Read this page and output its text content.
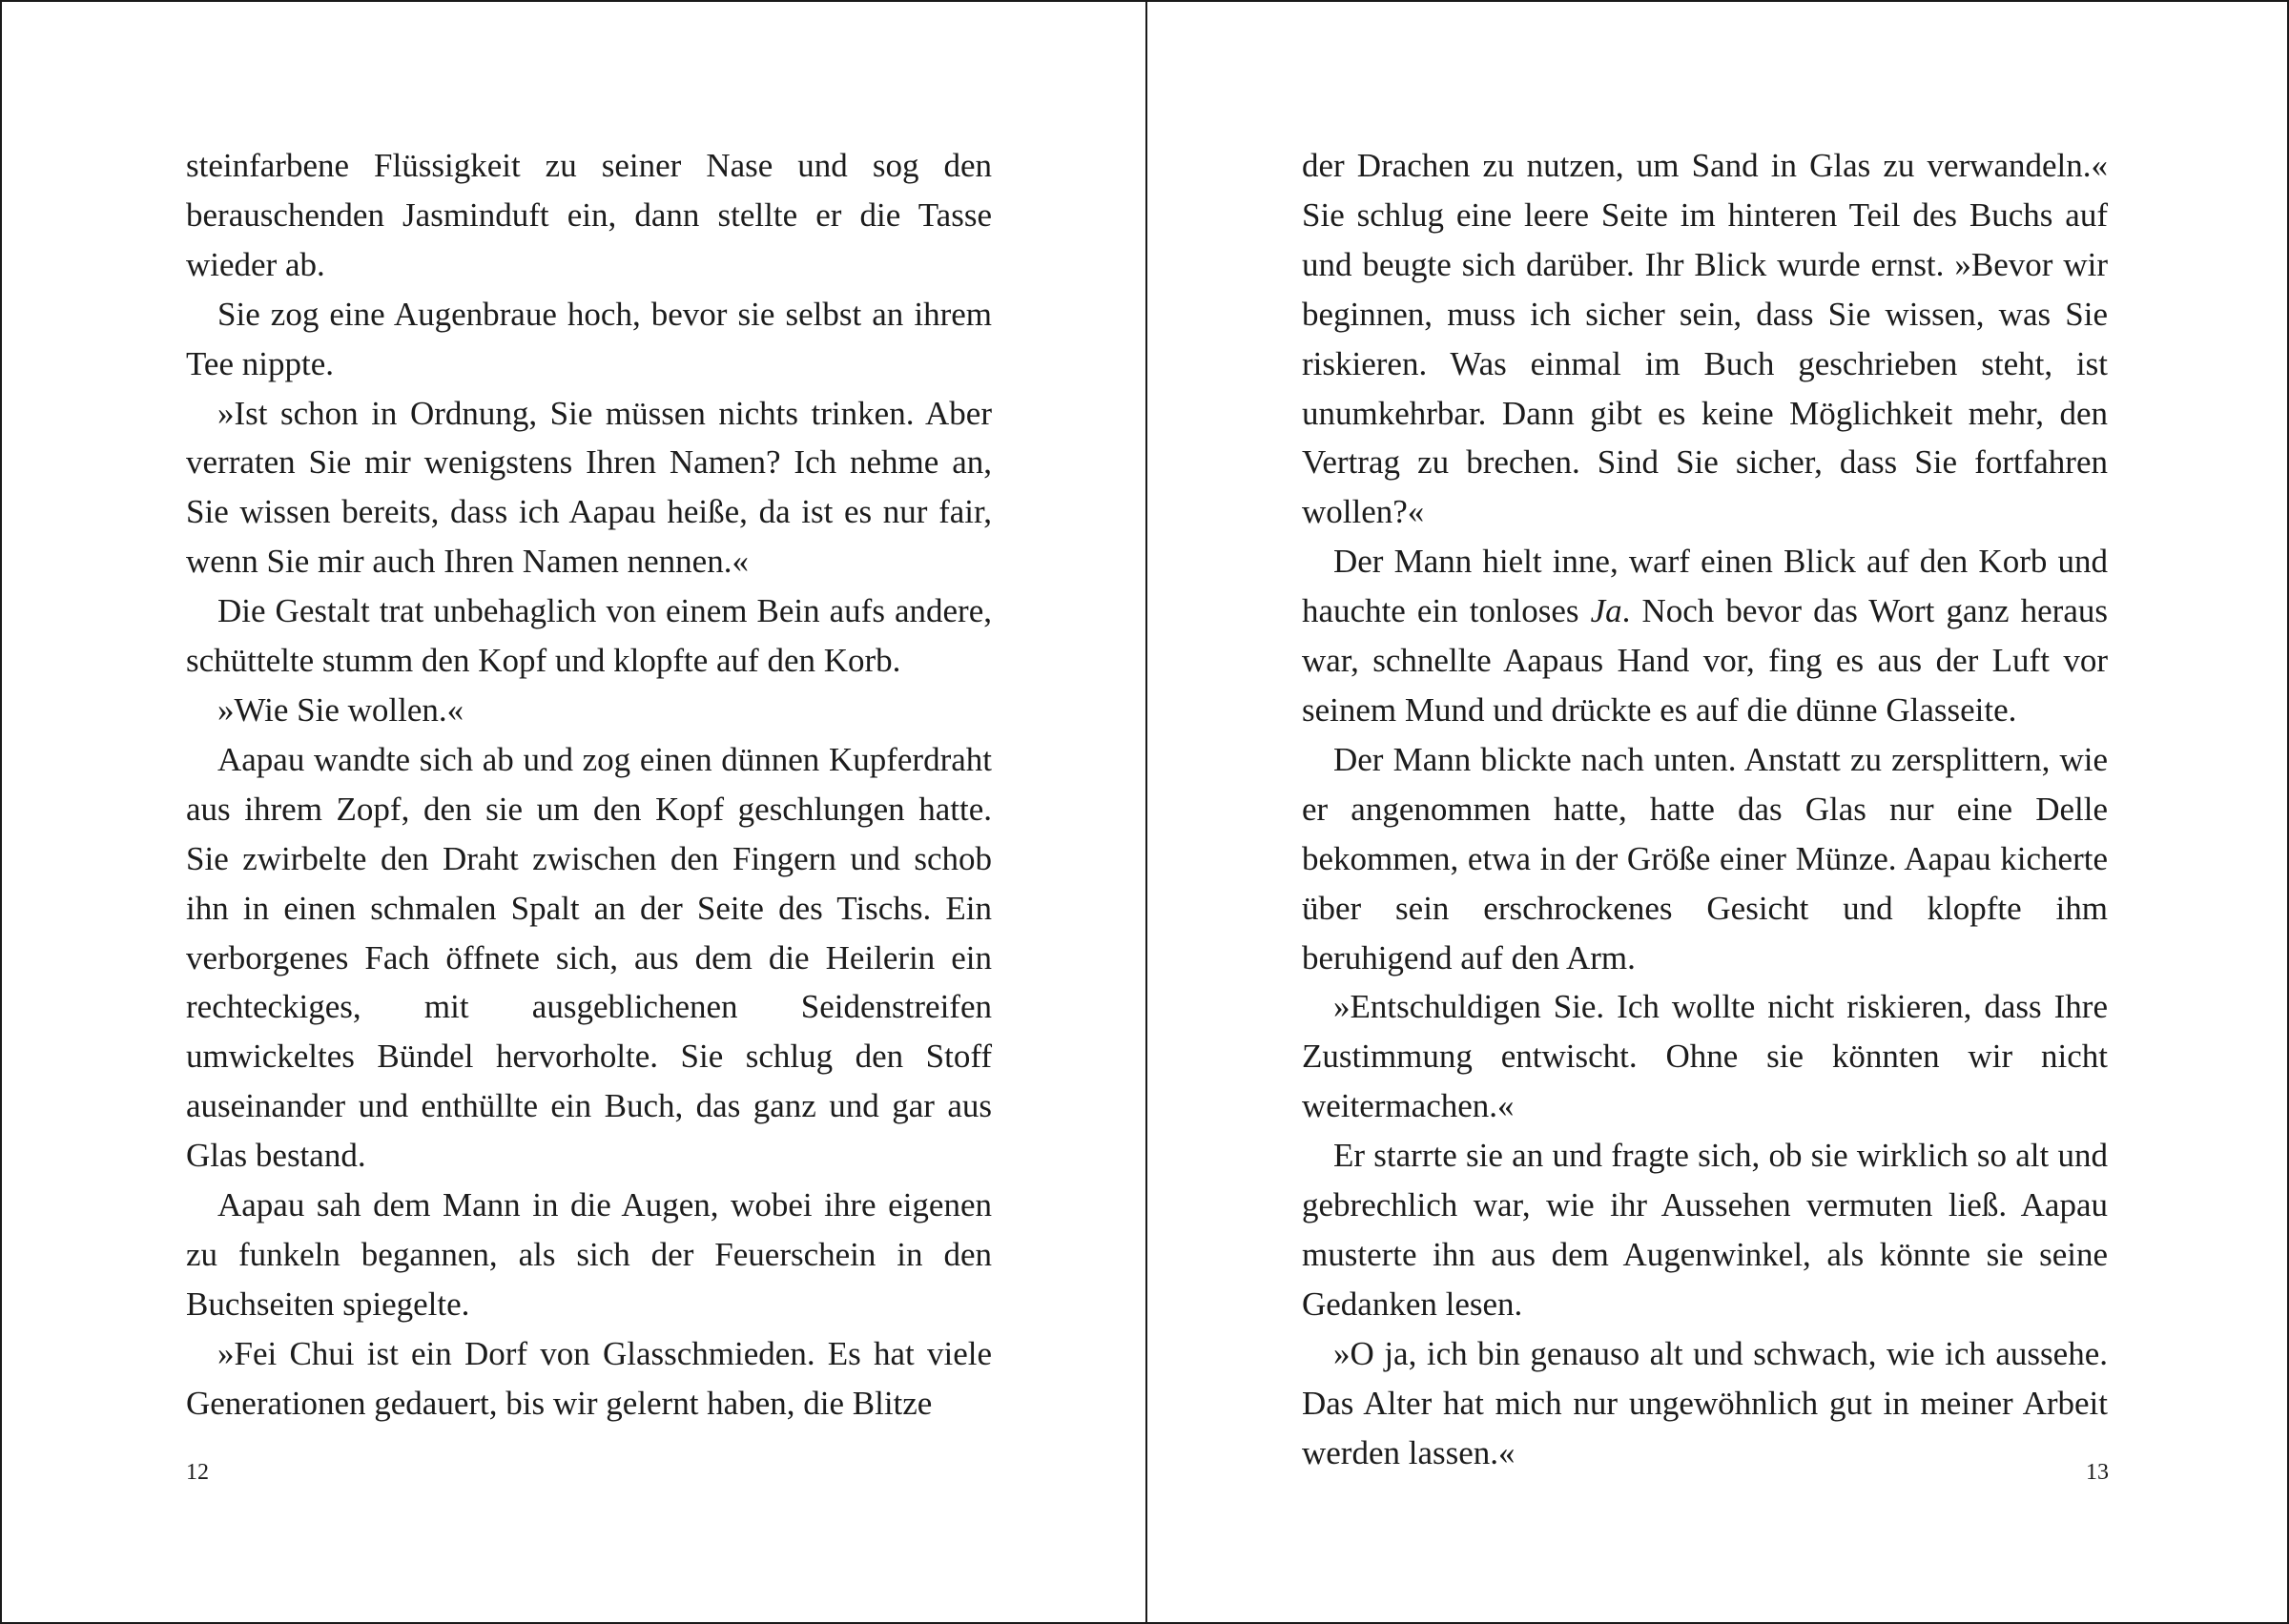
steinfarbene Flüssigkeit zu seiner Nase und sog den berauschenden Jasminduft ein, dann stellte er die Tasse wieder ab.

Sie zog eine Augenbraue hoch, bevor sie selbst an ihrem Tee nippte.

»Ist schon in Ordnung, Sie müssen nichts trinken. Aber verraten Sie mir wenigstens Ihren Namen? Ich nehme an, Sie wissen bereits, dass ich Aapau heiße, da ist es nur fair, wenn Sie mir auch Ihren Namen nennen.«

Die Gestalt trat unbehaglich von einem Bein aufs andere, schüttelte stumm den Kopf und klopfte auf den Korb.

»Wie Sie wollen.«

Aapau wandte sich ab und zog einen dünnen Kupferdraht aus ihrem Zopf, den sie um den Kopf geschlungen hatte. Sie zwirbelte den Draht zwischen den Fingern und schob ihn in einen schmalen Spalt an der Seite des Tischs. Ein verborgenes Fach öffnete sich, aus dem die Heilerin ein rechteckiges, mit ausgeblichenen Seidenstreifen umwickeltes Bündel hervorholte. Sie schlug den Stoff auseinander und enthüllte ein Buch, das ganz und gar aus Glas bestand.

Aapau sah dem Mann in die Augen, wobei ihre eigenen zu funkeln begannen, als sich der Feuerschein in den Buchseiten spiegelte.

»Fei Chui ist ein Dorf von Glasschmieden. Es hat viele Generationen gedauert, bis wir gelernt haben, die Blitze

der Drachen zu nutzen, um Sand in Glas zu verwandeln.« Sie schlug eine leere Seite im hinteren Teil des Buchs auf und beugte sich darüber. Ihr Blick wurde ernst. »Bevor wir beginnen, muss ich sicher sein, dass Sie wissen, was Sie riskieren. Was einmal im Buch geschrieben steht, ist unumkehrbar. Dann gibt es keine Möglichkeit mehr, den Vertrag zu brechen. Sind Sie sicher, dass Sie fortfahren wollen?«

Der Mann hielt inne, warf einen Blick auf den Korb und hauchte ein tonloses Ja. Noch bevor das Wort ganz heraus war, schnellte Aapaus Hand vor, fing es aus der Luft vor seinem Mund und drückte es auf die dünne Glasseite.

Der Mann blickte nach unten. Anstatt zu zersplittern, wie er angenommen hatte, hatte das Glas nur eine Delle bekommen, etwa in der Größe einer Münze. Aapau kicherte über sein erschrockenes Gesicht und klopfte ihm beruhigend auf den Arm.

»Entschuldigen Sie. Ich wollte nicht riskieren, dass Ihre Zustimmung entwischt. Ohne sie könnten wir nicht weitermachen.«

Er starrte sie an und fragte sich, ob sie wirklich so alt und gebrechlich war, wie ihr Aussehen vermuten ließ. Aapau musterte ihn aus dem Augenwinkel, als könnte sie seine Gedanken lesen.

»O ja, ich bin genauso alt und schwach, wie ich aussehe. Das Alter hat mich nur ungewöhnlich gut in meiner Arbeit werden lassen.«

12	13
